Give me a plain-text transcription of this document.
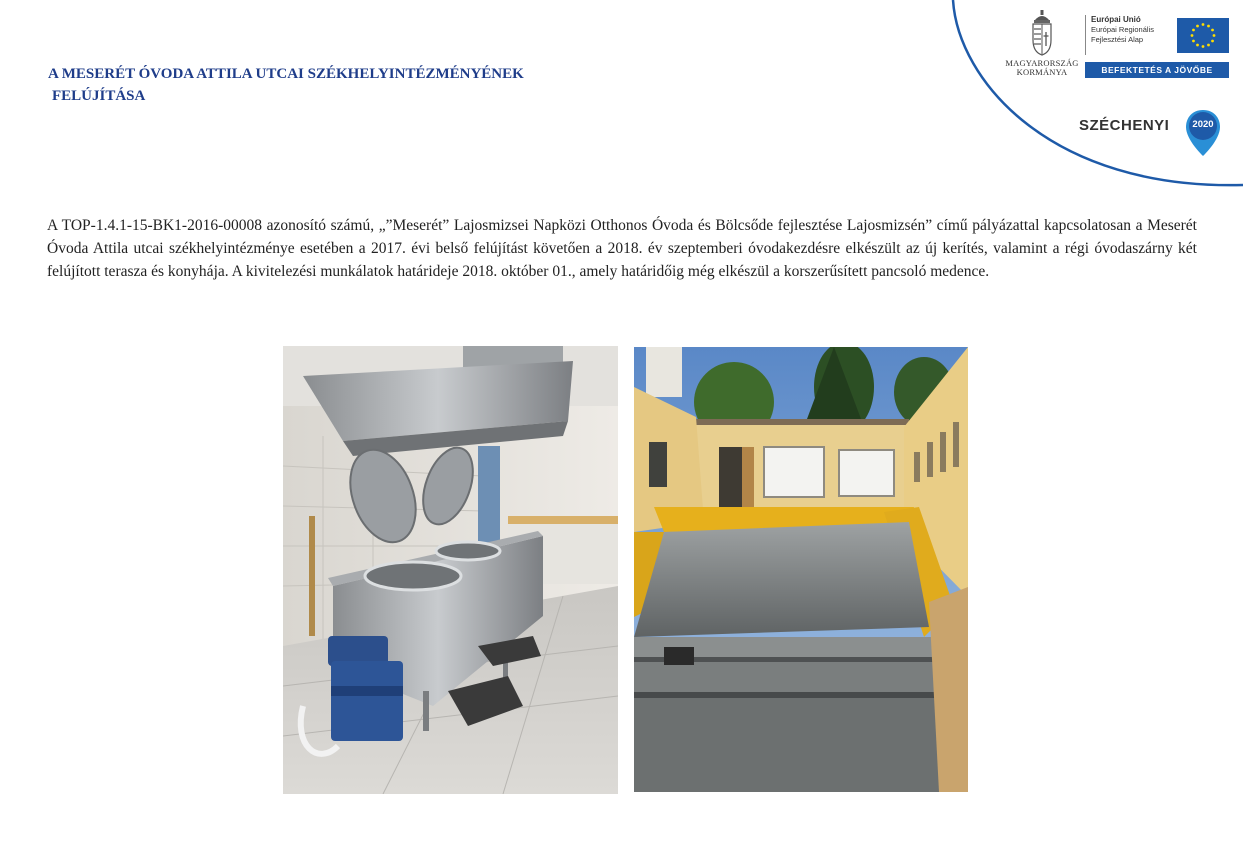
A MESERÉT ÓVODA ATTILA UTCAI SZÉKHELYINTÉZMÉNYÉNEK
FELÚJÍTÁSA
MAGYARORSZÁG
KORMÁNYA
Európai Unió
Európai Regionális
Fejlesztési Alap
BEFEKTETÉS A JÖVŐBE
SZÉCHENYI	2020

A TOP-1.4.1-15-BK1-2016-00008 azonosító számú, „”Meserét” Lajosmizsei Napközi Otthonos Óvoda és Bölcsőde fejlesztése Lajosmizsén” című pályázattal kapcsolatosan a Meserét Óvoda Attila utcai székhelyintézménye esetében a 2017. évi belső felújítást követően a 2018. év szeptemberi óvodakezdésre elkészült az új kerítés, valamint a régi óvodaszárny két felújított terasza és konyhája. A kivitelezési munkálatok határideje 2018. október 01., amely határidőig még elkészül a korszerűsített pancsoló medence.
